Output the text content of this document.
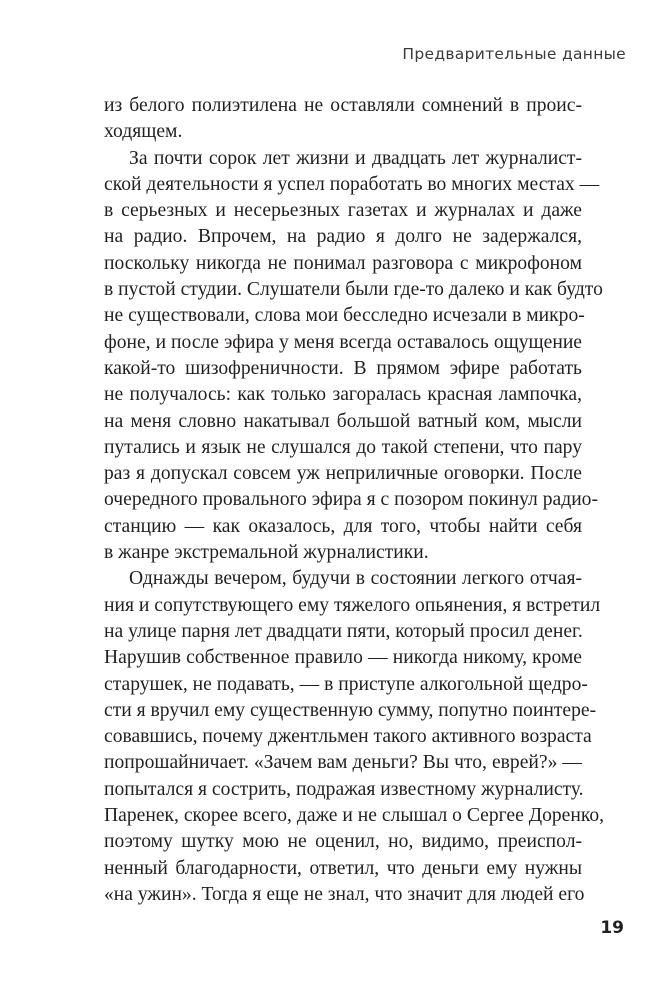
Предварительные данные
из белого полиэтилена не оставляли сомнений в проис-
ходящем.
За почти сорок лет жизни и двадцать лет журналист-
ской деятельности я успел поработать во многих местах —
в серьезных и несерьезных газетах и журналах и даже
на радио. Впрочем, на радио я долго не задержался,
поскольку никогда не понимал разговора с микрофоном
в пустой студии. Слушатели были где-то далеко и как будто
не существовали, слова мои бесследно исчезали в микро-
фоне, и после эфира у меня всегда оставалось ощущение
какой-то шизофреничности. В прямом эфире работать
не получалось: как только загоралась красная лампочка,
на меня словно накатывал большой ватный ком, мысли
путались и язык не слушался до такой степени, что пару
раз я допускал совсем уж неприличные оговорки. После
очередного провального эфира я с позором покинул радио-
станцию — как оказалось, для того, чтобы найти себя
в жанре экстремальной журналистики.
Однажды вечером, будучи в состоянии легкого отчая-
ния и сопутствующего ему тяжелого опьянения, я встретил
на улице парня лет двадцати пяти, который просил денег.
Нарушив собственное правило — никогда никому, кроме
старушек, не подавать, — в приступе алкогольной щедро-
сти я вручил ему существенную сумму, попутно поинтере-
совавшись, почему джентльмен такого активного возраста
попрошайничает. «Зачем вам деньги? Вы что, еврей?» —
попытался я сострить, подражая известному журналисту.
Паренек, скорее всего, даже и не слышал о Сергее Доренко,
поэтому шутку мою не оценил, но, видимо, преиспол-
ненный благодарности, ответил, что деньги ему нужны
«на ужин». Тогда я еще не знал, что значит для людей его
19
